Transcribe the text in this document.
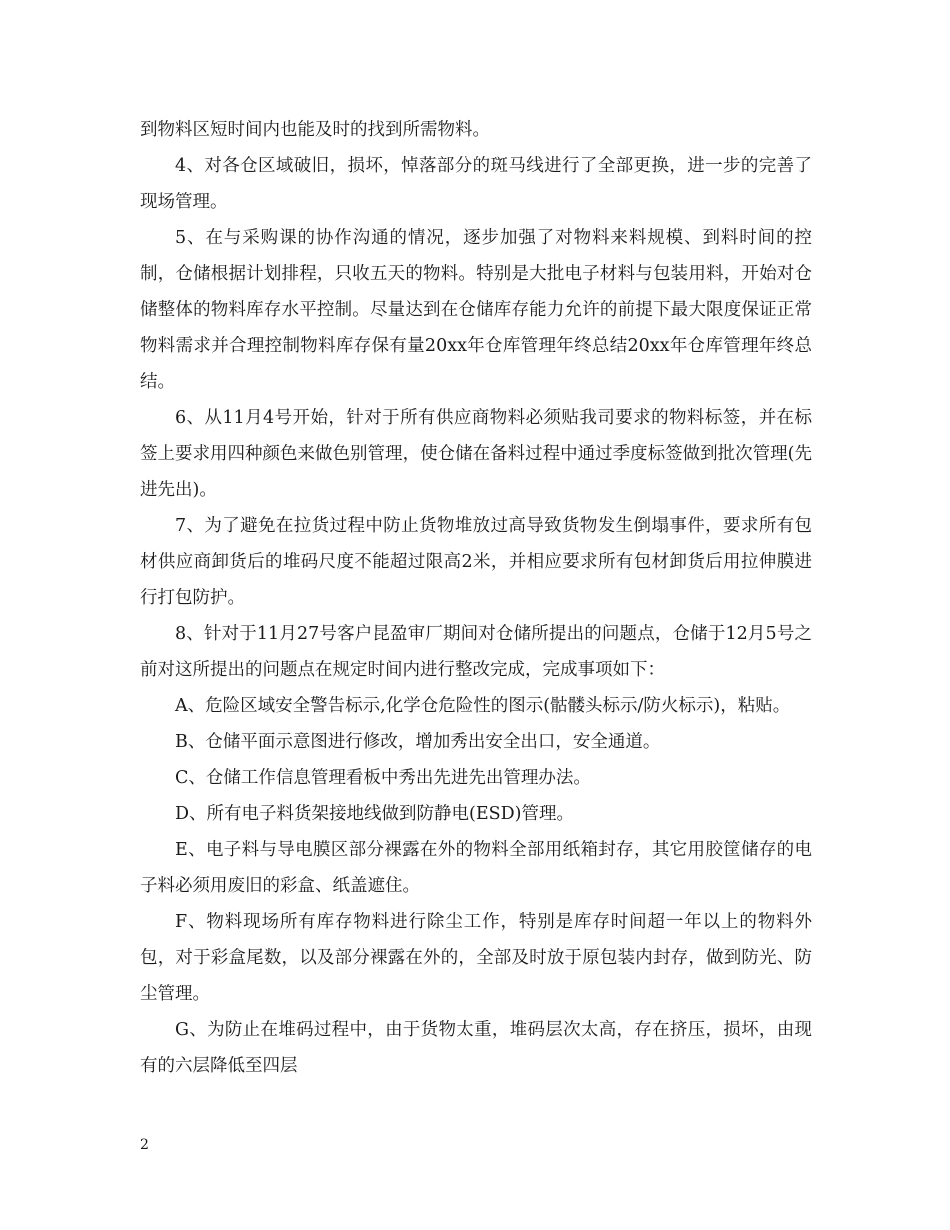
到物料区短时间内也能及时的找到所需物料。

4、对各仓区域破旧，损坏，悼落部分的斑马线进行了全部更换，进一步的完善了现场管理。

5、在与采购课的协作沟通的情况，逐步加强了对物料来料规模、到料时间的控制，仓储根据计划排程，只收五天的物料。特别是大批电子材料与包装用料，开始对仓储整体的物料库存水平控制。尽量达到在仓储库存能力允许的前提下最大限度保证正常物料需求并合理控制物料库存保有量20xx年仓库管理年终总结20xx年仓库管理年终总结。

6、从11月4号开始，针对于所有供应商物料必须贴我司要求的物料标签，并在标签上要求用四种颜色来做色别管理，使仓储在备料过程中通过季度标签做到批次管理(先进先出)。

7、为了避免在拉货过程中防止货物堆放过高导致货物发生倒塌事件，要求所有包材供应商卸货后的堆码尺度不能超过限高2米，并相应要求所有包材卸货后用拉伸膜进行打包防护。

8、针对于11月27号客户昆盈审厂期间对仓储所提出的问题点，仓储于12月5号之前对这所提出的问题点在规定时间内进行整改完成，完成事项如下：

A、危险区域安全警告标示,化学仓危险性的图示(骷髅头标示/防火标示)，粘贴。

B、仓储平面示意图进行修改，增加秀出安全出口，安全通道。

C、仓储工作信息管理看板中秀出先进先出管理办法。

D、所有电子料货架接地线做到防静电(ESD)管理。

E、电子料与导电膜区部分裸露在外的物料全部用纸箱封存，其它用胶筐储存的电子料必须用废旧的彩盒、纸盖遮住。

F、物料现场所有库存物料进行除尘工作，特别是库存时间超一年以上的物料外包，对于彩盒尾数，以及部分裸露在外的，全部及时放于原包装内封存，做到防光、防尘管理。

G、为防止在堆码过程中，由于货物太重，堆码层次太高，存在挤压，损坏，由现有的六层降低至四层

2
